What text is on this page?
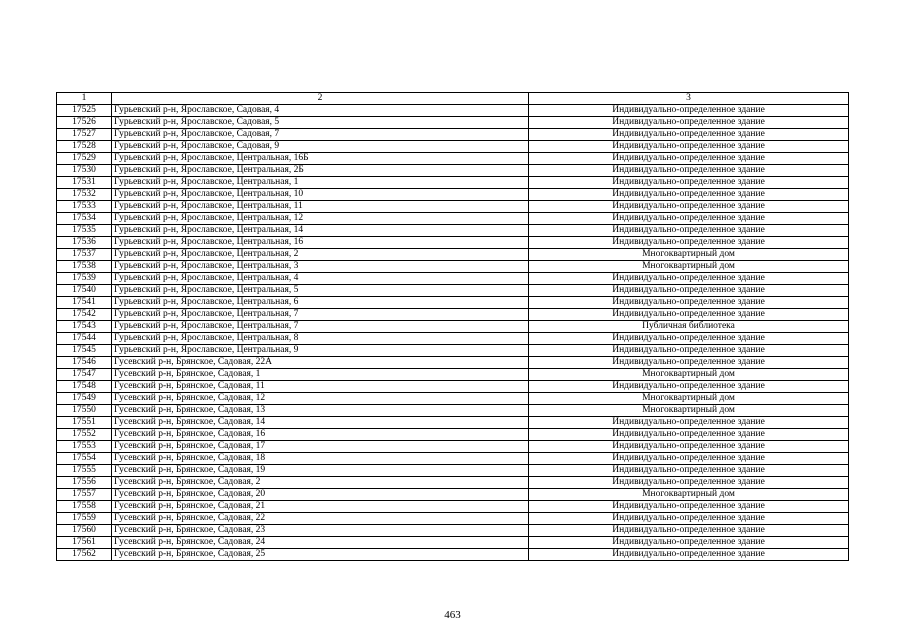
1	2	3
17525	Гурьевский р-н, Ярославское, Садовая, 4	Индивидуально-определенное здание
17526	Гурьевский р-н, Ярославское, Садовая, 5	Индивидуально-определенное здание
17527	Гурьевский р-н, Ярославское, Садовая, 7	Индивидуально-определенное здание
17528	Гурьевский р-н, Ярославское, Садовая, 9	Индивидуально-определенное здание
17529	Гурьевский р-н, Ярославское, Центральная, 16Б	Индивидуально-определенное здание
17530	Гурьевский р-н, Ярославское, Центральная, 2Б	Индивидуально-определенное здание
17531	Гурьевский р-н, Ярославское, Центральная, 1	Индивидуально-определенное здание
17532	Гурьевский р-н, Ярославское, Центральная, 10	Индивидуально-определенное здание
17533	Гурьевский р-н, Ярославское, Центральная, 11	Индивидуально-определенное здание
17534	Гурьевский р-н, Ярославское, Центральная, 12	Индивидуально-определенное здание
17535	Гурьевский р-н, Ярославское, Центральная, 14	Индивидуально-определенное здание
17536	Гурьевский р-н, Ярославское, Центральная, 16	Индивидуально-определенное здание
17537	Гурьевский р-н, Ярославское, Центральная, 2	Многоквартирный дом
17538	Гурьевский р-н, Ярославское, Центральная, 3	Многоквартирный дом
17539	Гурьевский р-н, Ярославское, Центральная, 4	Индивидуально-определенное здание
17540	Гурьевский р-н, Ярославское, Центральная, 5	Индивидуально-определенное здание
17541	Гурьевский р-н, Ярославское, Центральная, 6	Индивидуально-определенное здание
17542	Гурьевский р-н, Ярославское, Центральная, 7	Индивидуально-определенное здание
17543	Гурьевский р-н, Ярославское, Центральная, 7	Публичная библиотека
17544	Гурьевский р-н, Ярославское, Центральная, 8	Индивидуально-определенное здание
17545	Гурьевский р-н, Ярославское, Центральная, 9	Индивидуально-определенное здание
17546	Гусевский р-н, Брянское, Садовая, 22А	Индивидуально-определенное здание
17547	Гусевский р-н, Брянское, Садовая, 1	Многоквартирный дом
17548	Гусевский р-н, Брянское, Садовая, 11	Индивидуально-определенное здание
17549	Гусевский р-н, Брянское, Садовая, 12	Многоквартирный дом
17550	Гусевский р-н, Брянское, Садовая, 13	Многоквартирный дом
17551	Гусевский р-н, Брянское, Садовая, 14	Индивидуально-определенное здание
17552	Гусевский р-н, Брянское, Садовая, 16	Индивидуально-определенное здание
17553	Гусевский р-н, Брянское, Садовая, 17	Индивидуально-определенное здание
17554	Гусевский р-н, Брянское, Садовая, 18	Индивидуально-определенное здание
17555	Гусевский р-н, Брянское, Садовая, 19	Индивидуально-определенное здание
17556	Гусевский р-н, Брянское, Садовая, 2	Индивидуально-определенное здание
17557	Гусевский р-н, Брянское, Садовая, 20	Многоквартирный дом
17558	Гусевский р-н, Брянское, Садовая, 21	Индивидуально-определенное здание
17559	Гусевский р-н, Брянское, Садовая, 22	Индивидуально-определенное здание
17560	Гусевский р-н, Брянское, Садовая, 23	Индивидуально-определенное здание
17561	Гусевский р-н, Брянское, Садовая, 24	Индивидуально-определенное здание
17562	Гусевский р-н, Брянское, Садовая, 25	Индивидуально-определенное здание
463
